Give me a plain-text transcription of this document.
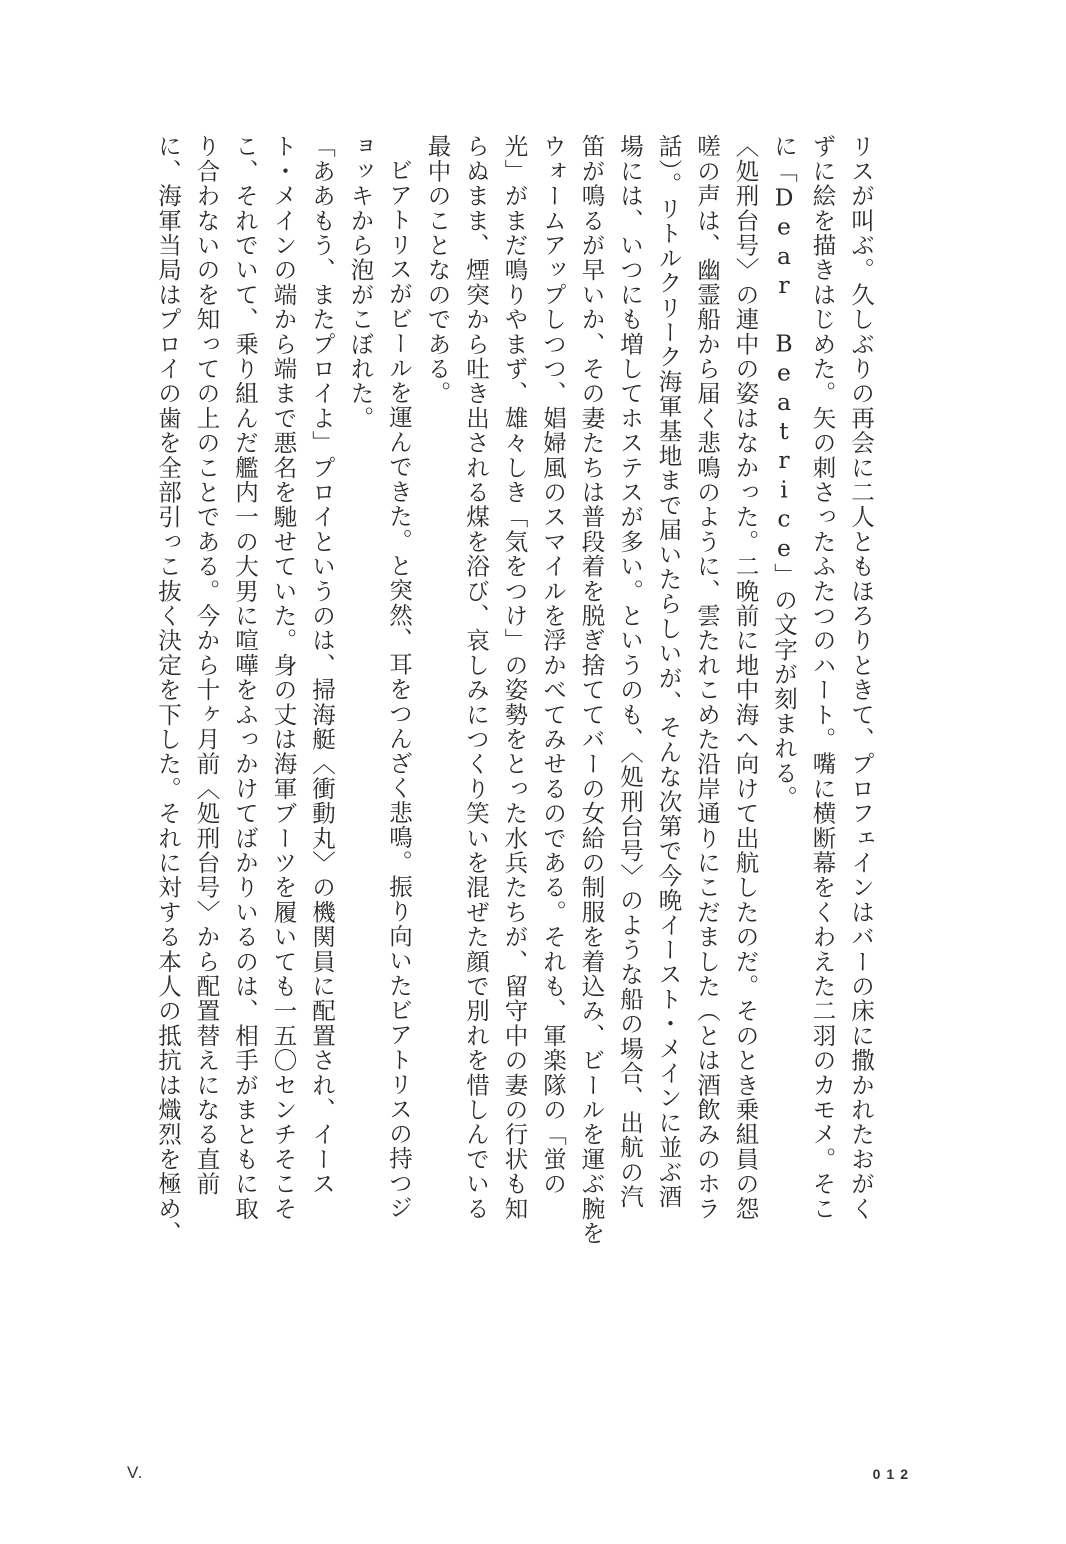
リスが叫ぶ。久しぶりの再会に二人ともほろりときて、プロフェインはバーの床に撒かれたおがく

ずに絵を描きはじめた。矢の刺さったふたつのハート。嘴に横断幕をくわえた二羽のカモメ。そこ

に「Dear Beatrice」の文字が刻まれる。

〈処刑台号〉の連中の姿はなかった。二晩前に地中海へ向けて出航したのだ。そのとき乗組員の怨

嗟の声は、幽霊船から届く悲鳴のように、雲たれこめた沿岸通りにこだました（とは酒飲みのホラ

話）。リトルクリーク海軍基地まで届いたらしいが、そんな次第で今晩イースト・メインに並ぶ酒

場には、いつにも増してホステスが多い。というのも、〈処刑台号〉のような船の場合、出航の汽

笛が鳴るが早いか、その妻たちは普段着を脱ぎ捨ててバーの女給の制服を着込み、ビールを運ぶ腕を

ウォームアップしつつ、娼婦風のスマイルを浮かべてみせるのである。それも、軍楽隊の「蛍の

光」がまだ鳴りやまず、雄々しき「気をつけ」の姿勢をとった水兵たちが、留守中の妻の行状も知

らぬまま、煙突から吐き出される煤を浴び、哀しみにつくり笑いを混ぜた顔で別れを惜しんでいる

最中のことなのである。

ビアトリスがビールを運んできた。と突然、耳をつんざく悲鳴。振り向いたビアトリスの持つジ

ョッキから泡がこぼれた。

「ああもう、またプロイよ」プロイというのは、掃海艇〈衝動丸〉の機関員に配置され、イース

ト・メインの端から端まで悪名を馳せていた。身の丈は海軍ブーツを履いても一五〇センチそこそ

こ、それでいて、乗り組んだ艦内一の大男に喧嘩をふっかけてばかりいるのは、相手がまともに取

り合わないのを知っての上のことである。今から十ヶ月前〈処刑台号〉から配置替えになる直前

に、海軍当局はプロイの歯を全部引っこ抜く決定を下した。それに対する本人の抵抗は熾烈を極め、

V.	012
